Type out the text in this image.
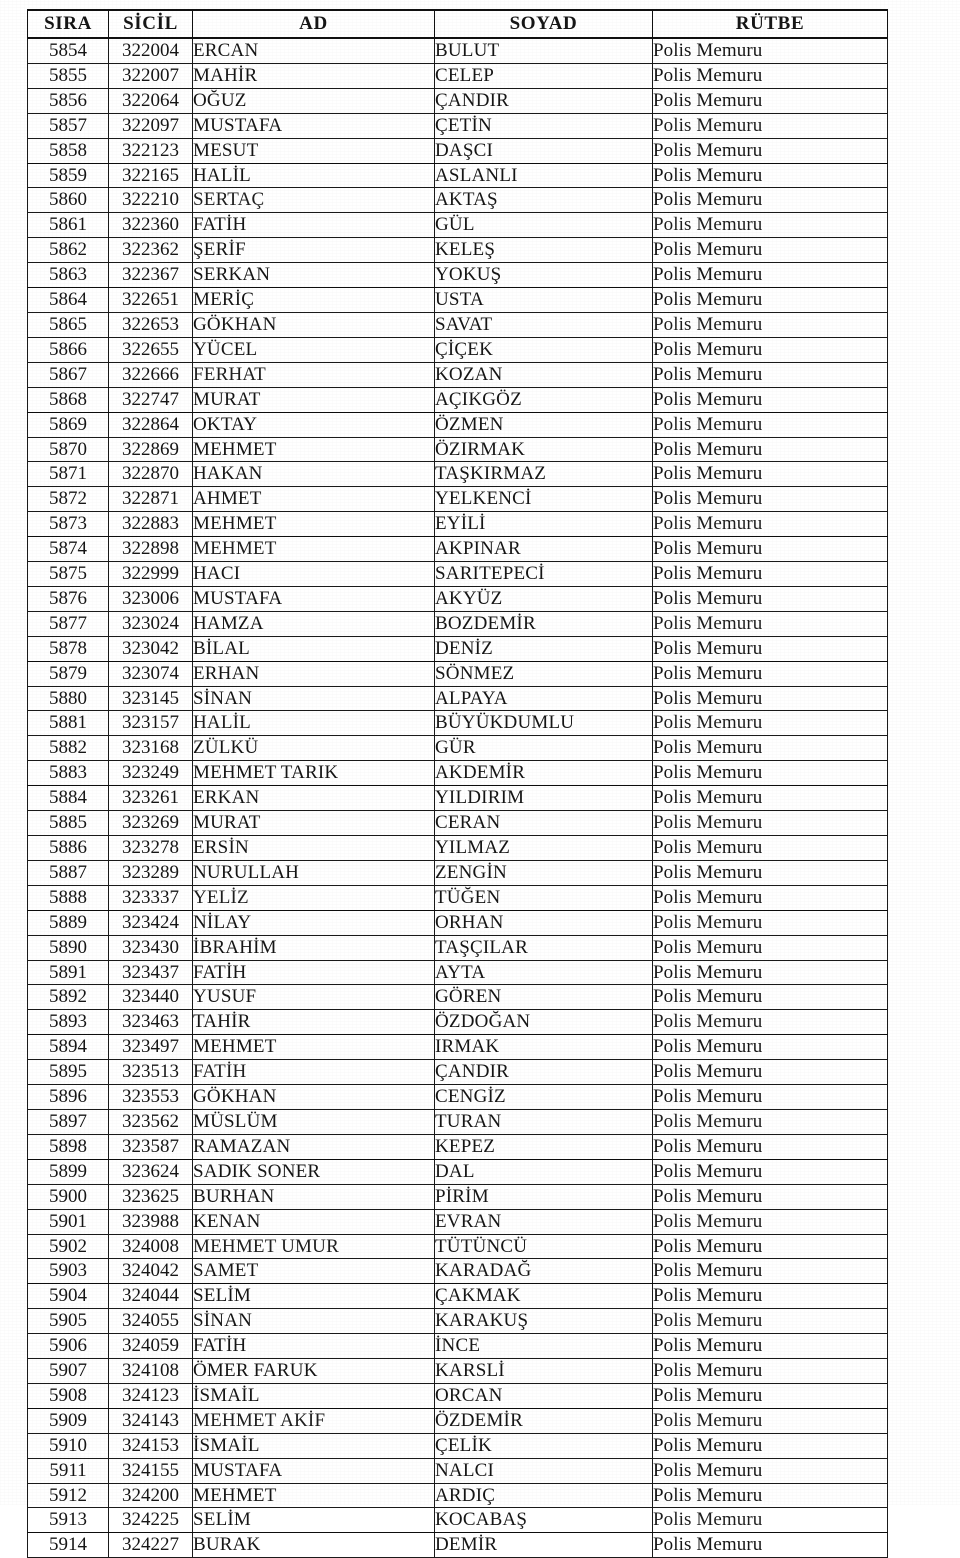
SIRA	SİCİL	AD	SOYAD	RÜTBE
5854	322004	ERCAN	BULUT	Polis Memuru
5855	322007	MAHİR	CELEP	Polis Memuru
5856	322064	OĞUZ	ÇANDIR	Polis Memuru
5857	322097	MUSTAFA	ÇETİN	Polis Memuru
5858	322123	MESUT	DAŞCI	Polis Memuru
5859	322165	HALİL	ASLANLI	Polis Memuru
5860	322210	SERTAÇ	AKTAŞ	Polis Memuru
5861	322360	FATİH	GÜL	Polis Memuru
5862	322362	ŞERİF	KELEŞ	Polis Memuru
5863	322367	SERKAN	YOKUŞ	Polis Memuru
5864	322651	MERİÇ	USTA	Polis Memuru
5865	322653	GÖKHAN	SAVAT	Polis Memuru
5866	322655	YÜCEL	ÇİÇEK	Polis Memuru
5867	322666	FERHAT	KOZAN	Polis Memuru
5868	322747	MURAT	AÇIKGÖZ	Polis Memuru
5869	322864	OKTAY	ÖZMEN	Polis Memuru
5870	322869	MEHMET	ÖZIRMAK	Polis Memuru
5871	322870	HAKAN	TAŞKIRMAZ	Polis Memuru
5872	322871	AHMET	YELKENCİ	Polis Memuru
5873	322883	MEHMET	EYİLİ	Polis Memuru
5874	322898	MEHMET	AKPINAR	Polis Memuru
5875	322999	HACI	SARITEPECİ	Polis Memuru
5876	323006	MUSTAFA	AKYÜZ	Polis Memuru
5877	323024	HAMZA	BOZDEMİR	Polis Memuru
5878	323042	BİLAL	DENİZ	Polis Memuru
5879	323074	ERHAN	SÖNMEZ	Polis Memuru
5880	323145	SİNAN	ALPAYA	Polis Memuru
5881	323157	HALİL	BÜYÜKDUMLU	Polis Memuru
5882	323168	ZÜLKÜ	GÜR	Polis Memuru
5883	323249	MEHMET TARIK	AKDEMİR	Polis Memuru
5884	323261	ERKAN	YILDIRIM	Polis Memuru
5885	323269	MURAT	CERAN	Polis Memuru
5886	323278	ERSİN	YILMAZ	Polis Memuru
5887	323289	NURULLAH	ZENGİN	Polis Memuru
5888	323337	YELİZ	TÜĞEN	Polis Memuru
5889	323424	NİLAY	ORHAN	Polis Memuru
5890	323430	İBRAHİM	TAŞÇILAR	Polis Memuru
5891	323437	FATİH	AYTA	Polis Memuru
5892	323440	YUSUF	GÖREN	Polis Memuru
5893	323463	TAHİR	ÖZDOĞAN	Polis Memuru
5894	323497	MEHMET	IRMAK	Polis Memuru
5895	323513	FATİH	ÇANDIR	Polis Memuru
5896	323553	GÖKHAN	CENGİZ	Polis Memuru
5897	323562	MÜSLÜM	TURAN	Polis Memuru
5898	323587	RAMAZAN	KEPEZ	Polis Memuru
5899	323624	SADIK SONER	DAL	Polis Memuru
5900	323625	BURHAN	PİRİM	Polis Memuru
5901	323988	KENAN	EVRAN	Polis Memuru
5902	324008	MEHMET UMUR	TÜTÜNCÜ	Polis Memuru
5903	324042	SAMET	KARADAĞ	Polis Memuru
5904	324044	SELİM	ÇAKMAK	Polis Memuru
5905	324055	SİNAN	KARAKUŞ	Polis Memuru
5906	324059	FATİH	İNCE	Polis Memuru
5907	324108	ÖMER FARUK	KARSLİ	Polis Memuru
5908	324123	İSMAİL	ORCAN	Polis Memuru
5909	324143	MEHMET AKİF	ÖZDEMİR	Polis Memuru
5910	324153	İSMAİL	ÇELİK	Polis Memuru
5911	324155	MUSTAFA	NALCI	Polis Memuru
5912	324200	MEHMET	ARDIÇ	Polis Memuru
5913	324225	SELİM	KOCABAŞ	Polis Memuru
5914	324227	BURAK	DEMİR	Polis Memuru
